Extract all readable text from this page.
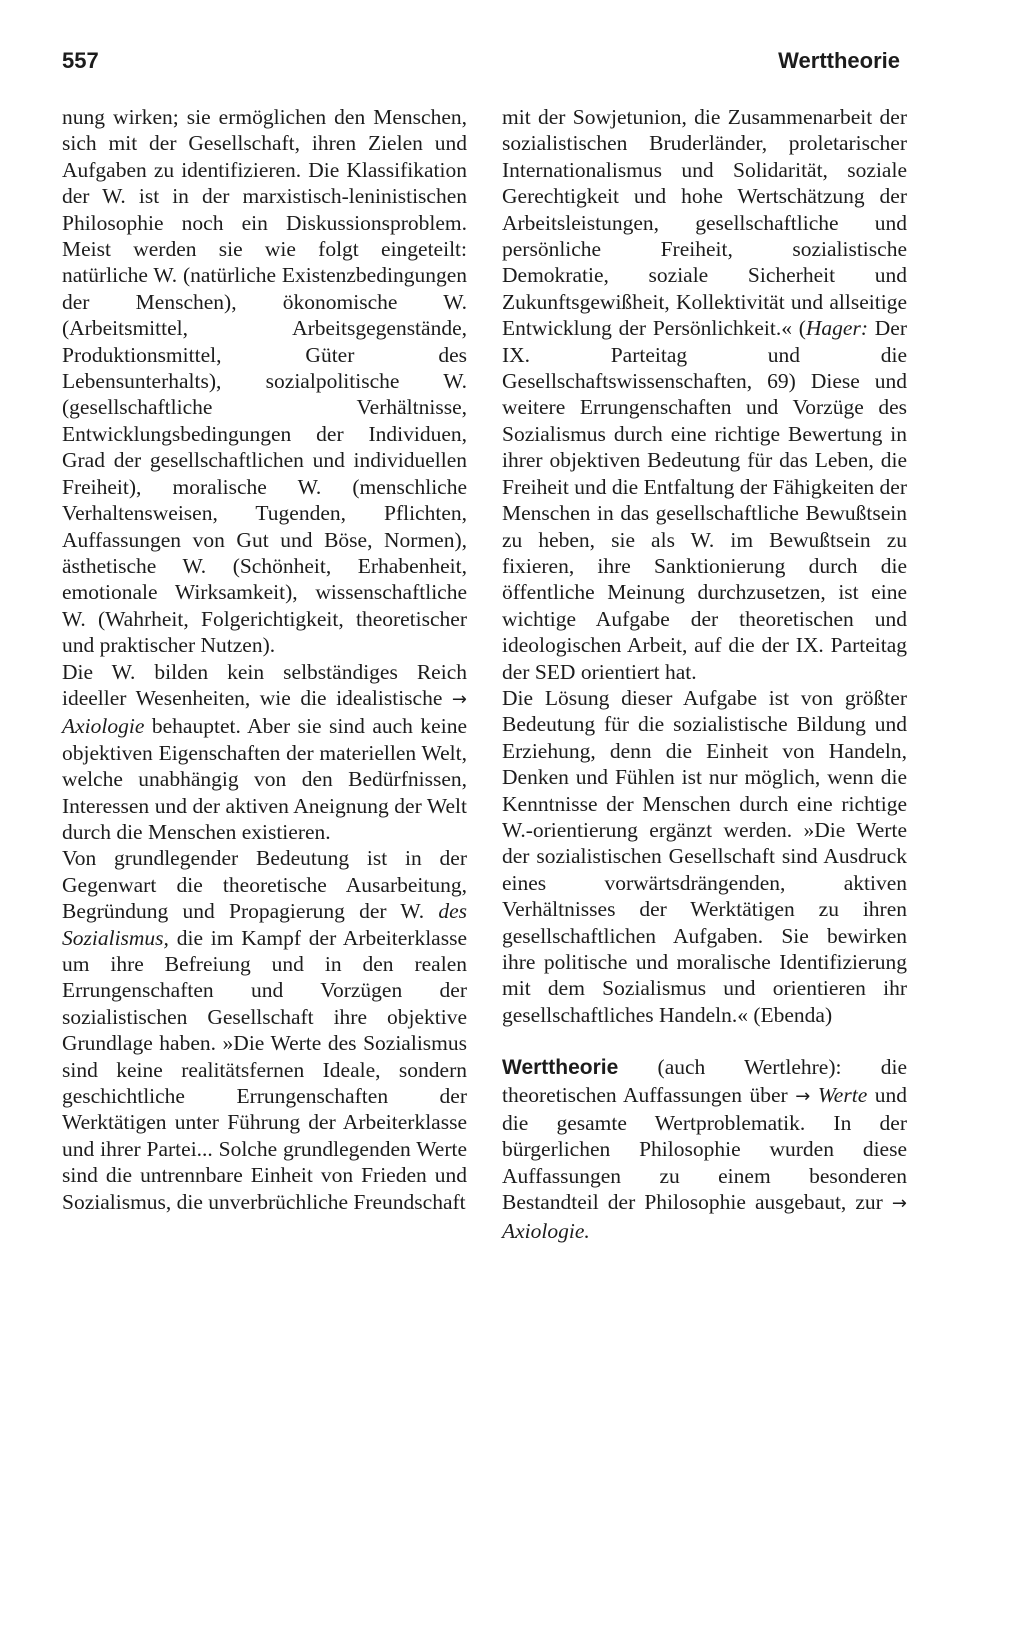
557	Werttheorie

nung wirken; sie ermöglichen den Menschen, sich mit der Gesellschaft, ihren Zielen und Aufgaben zu identifizieren. Die Klassifikation der W. ist in der marxistisch-leninistischen Philosophie noch ein Diskussionsproblem. Meist werden sie wie folgt eingeteilt: natürliche W. (natürliche Existenzbedingungen der Menschen), ökonomische W. (Arbeitsmittel, Arbeitsgegenstände, Produktionsmittel, Güter des Lebensunterhalts), sozialpolitische W. (gesellschaftliche Verhältnisse, Entwicklungsbedingungen der Individuen, Grad der gesellschaftlichen und individuellen Freiheit), moralische W. (menschliche Verhaltensweisen, Tugenden, Pflichten, Auffassungen von Gut und Böse, Normen), ästhetische W. (Schönheit, Erhabenheit, emotionale Wirksamkeit), wissenschaftliche W. (Wahrheit, Folgerichtigkeit, theoretischer und praktischer Nutzen).

Die W. bilden kein selbständiges Reich ideeller Wesenheiten, wie die idealistische → Axiologie behauptet. Aber sie sind auch keine objektiven Eigenschaften der materiellen Welt, welche unabhängig von den Bedürfnissen, Interessen und der aktiven Aneignung der Welt durch die Menschen existieren.

Von grundlegender Bedeutung ist in der Gegenwart die theoretische Ausarbeitung, Begründung und Propagierung der W. des Sozialismus, die im Kampf der Arbeiterklasse um ihre Befreiung und in den realen Errungenschaften und Vorzügen der sozialistischen Gesellschaft ihre objektive Grundlage haben. »Die Werte des Sozialismus sind keine realitätsfernen Ideale, sondern geschichtliche Errungenschaften der Werktätigen unter Führung der Arbeiterklasse und ihrer Partei... Solche grundlegenden Werte sind die untrennbare Einheit von Frieden und Sozialismus, die unverbrüchliche Freundschaft

mit der Sowjetunion, die Zusammenarbeit der sozialistischen Bruderländer, proletarischer Internationalismus und Solidarität, soziale Gerechtigkeit und hohe Wertschätzung der Arbeitsleistungen, gesellschaftliche und persönliche Freiheit, sozialistische Demokratie, soziale Sicherheit und Zukunftsgewißheit, Kollektivität und allseitige Entwicklung der Persönlichkeit.« (Hager: Der IX. Parteitag und die Gesellschaftswissenschaften, 69) Diese und weitere Errungenschaften und Vorzüge des Sozialismus durch eine richtige Bewertung in ihrer objektiven Bedeutung für das Leben, die Freiheit und die Entfaltung der Fähigkeiten der Menschen in das gesellschaftliche Bewußtsein zu heben, sie als W. im Bewußtsein zu fixieren, ihre Sanktionierung durch die öffentliche Meinung durchzusetzen, ist eine wichtige Aufgabe der theoretischen und ideologischen Arbeit, auf die der IX. Parteitag der SED orientiert hat.

Die Lösung dieser Aufgabe ist von größter Bedeutung für die sozialistische Bildung und Erziehung, denn die Einheit von Handeln, Denken und Fühlen ist nur möglich, wenn die Kenntnisse der Menschen durch eine richtige W.-orientierung ergänzt werden. »Die Werte der sozialistischen Gesellschaft sind Ausdruck eines vorwärtsdrängenden, aktiven Verhältnisses der Werktätigen zu ihren gesellschaftlichen Aufgaben. Sie bewirken ihre politische und moralische Identifizierung mit dem Sozialismus und orientieren ihr gesellschaftliches Handeln.« (Ebenda)

Werttheorie (auch Wertlehre): die theoretischen Auffassungen über → Werte und die gesamte Wertproblematik. In der bürgerlichen Philosophie wurden diese Auffassungen zu einem besonderen Bestandteil der Philosophie ausgebaut, zur → Axiologie.
